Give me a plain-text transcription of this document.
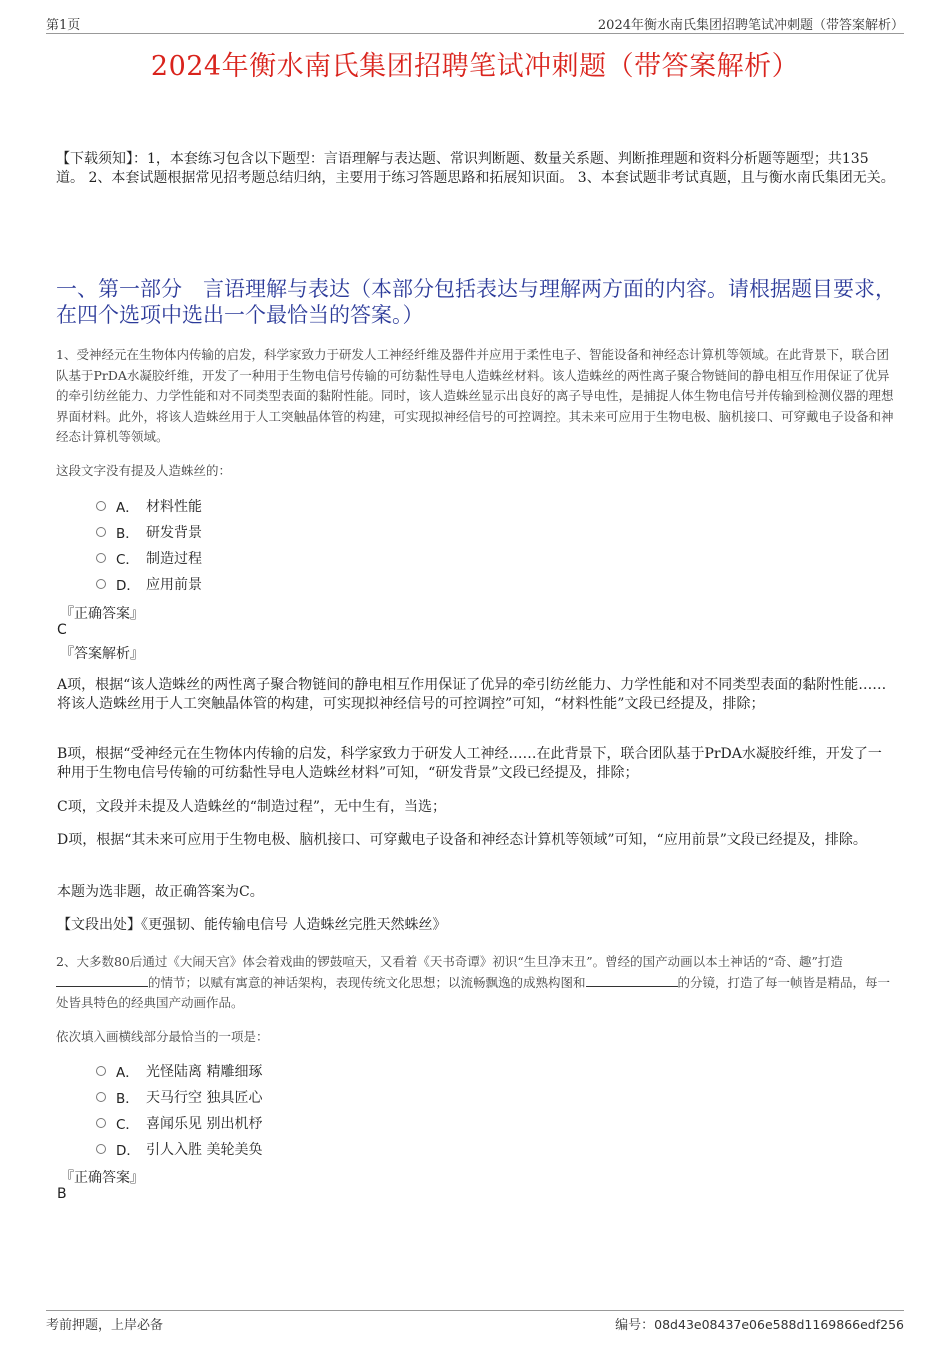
第1页	2024年衡水南氏集团招聘笔试冲刺题（带答案解析）
2024年衡水南氏集团招聘笔试冲刺题（带答案解析）
【下载须知】：1，本套练习包含以下题型：言语理解与表达题、常识判断题、数量关系题、判断推理题和资料分析题等题型；共135道。 2、本套试题根据常见招考题总结归纳，主要用于练习答题思路和拓展知识面。 3、本套试题非考试真题，且与衡水南氏集团无关。
一、第一部分　言语理解与表达（本部分包括表达与理解两方面的内容。请根据题目要求，在四个选项中选出一个最恰当的答案。）
1、受神经元在生物体内传输的启发，科学家致力于研发人工神经纤维及器件并应用于柔性电子、智能设备和神经态计算机等领域。在此背景下，联合团队基于PrDA水凝胶纤维，开发了一种用于生物电信号传输的可纺黏性导电人造蛛丝材料。该人造蛛丝的两性离子聚合物链间的静电相互作用保证了优异的牵引纺丝能力、力学性能和对不同类型表面的黏附性能。同时，该人造蛛丝显示出良好的离子导电性，是捕捉人体生物电信号并传输到检测仪器的理想界面材料。此外，将该人造蛛丝用于人工突触晶体管的构建，可实现拟神经信号的可控调控。其未来可应用于生物电极、脑机接口、可穿戴电子设备和神经态计算机等领域。
这段文字没有提及人造蛛丝的：
A． 材料性能
B． 研发背景
C． 制造过程
D． 应用前景
『正确答案』
C
『答案解析』
A项，根据“该人造蛛丝的两性离子聚合物链间的静电相互作用保证了优异的牵引纺丝能力、力学性能和对不同类型表面的黏附性能……将该人造蛛丝用于人工突触晶体管的构建，可实现拟神经信号的可控调控”可知，“材料性能”文段已经提及，排除；
B项，根据“受神经元在生物体内传输的启发，科学家致力于研发人工神经……在此背景下，联合团队基于PrDA水凝胶纤维，开发了一种用于生物电信号传输的可纺黏性导电人造蛛丝材料”可知，“研发背景”文段已经提及，排除；
C项，文段并未提及人造蛛丝的“制造过程”，无中生有，当选；
D项，根据“其未来可应用于生物电极、脑机接口、可穿戴电子设备和神经态计算机等领域”可知，“应用前景”文段已经提及，排除。
本题为选非题，故正确答案为C。
【文段出处】《更强韧、能传输电信号 人造蛛丝完胜天然蛛丝》
2、大多数80后通过《大闹天宫》体会着戏曲的锣鼓喧天，又看着《天书奇谭》初识“生旦净末丑”。曾经的国产动画以本土神话的“奇、趣”打造的情节；以赋有寓意的神话架构，表现传统文化思想；以流畅飘逸的成熟构图和	的分镜，打造了每一帧皆是精品，每一处皆具特色的经典国产动画作品。
依次填入画横线部分最恰当的一项是：
A． 光怪陆离 精雕细琢
B． 天马行空 独具匠心
C． 喜闻乐见 别出机杼
D． 引人入胜 美轮美奂
『正确答案』
B
考前押题，上岸必备	编号：08d43e08437e06e588d1169866edf256
